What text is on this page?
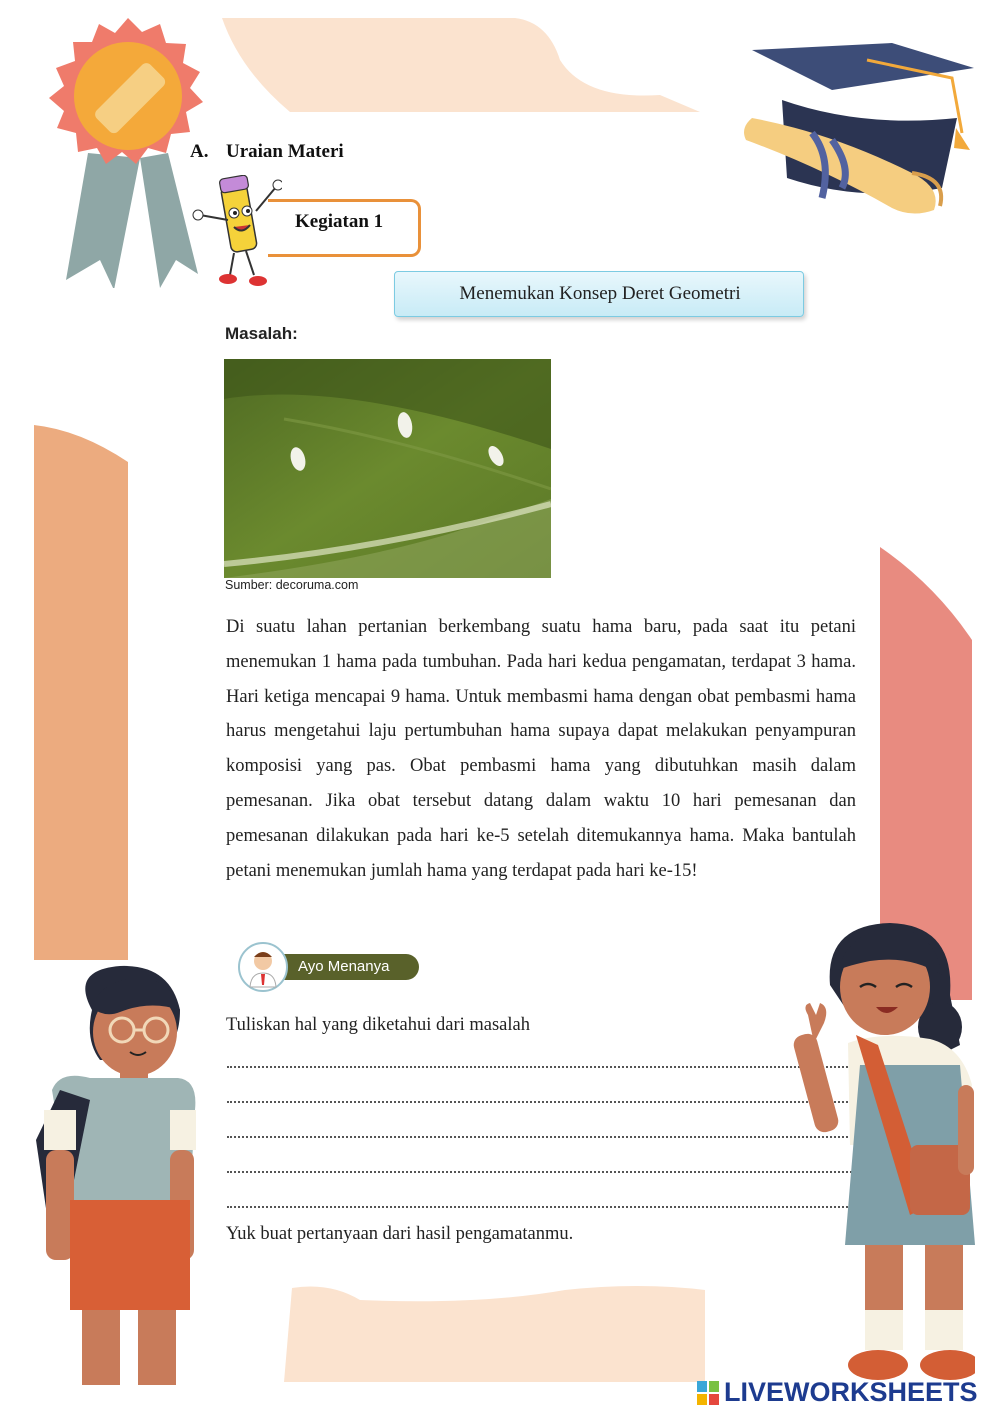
A. Uraian Materi
Kegiatan 1
Menemukan Konsep Deret Geometri
Masalah:
Sumber: decoruma.com
Di suatu lahan pertanian berkembang suatu hama baru, pada saat itu petani menemukan 1 hama pada tumbuhan. Pada hari kedua pengamatan, terdapat 3 hama. Hari ketiga mencapai 9 hama. Untuk membasmi hama dengan obat pembasmi hama harus mengetahui laju pertumbuhan hama supaya dapat melakukan penyampuran komposisi yang pas. Obat pembasmi hama yang dibutuhkan masih dalam pemesanan. Jika obat tersebut datang dalam waktu 10 hari pemesanan dan pemesanan dilakukan pada hari ke-5 setelah ditemukannya hama. Maka bantulah petani menemukan jumlah hama yang terdapat pada hari ke-15!
Ayo Menanya
Tuliskan hal yang diketahui dari masalah
Yuk buat pertanyaan dari hasil pengamatanmu.
LIVEWORKSHEETS
